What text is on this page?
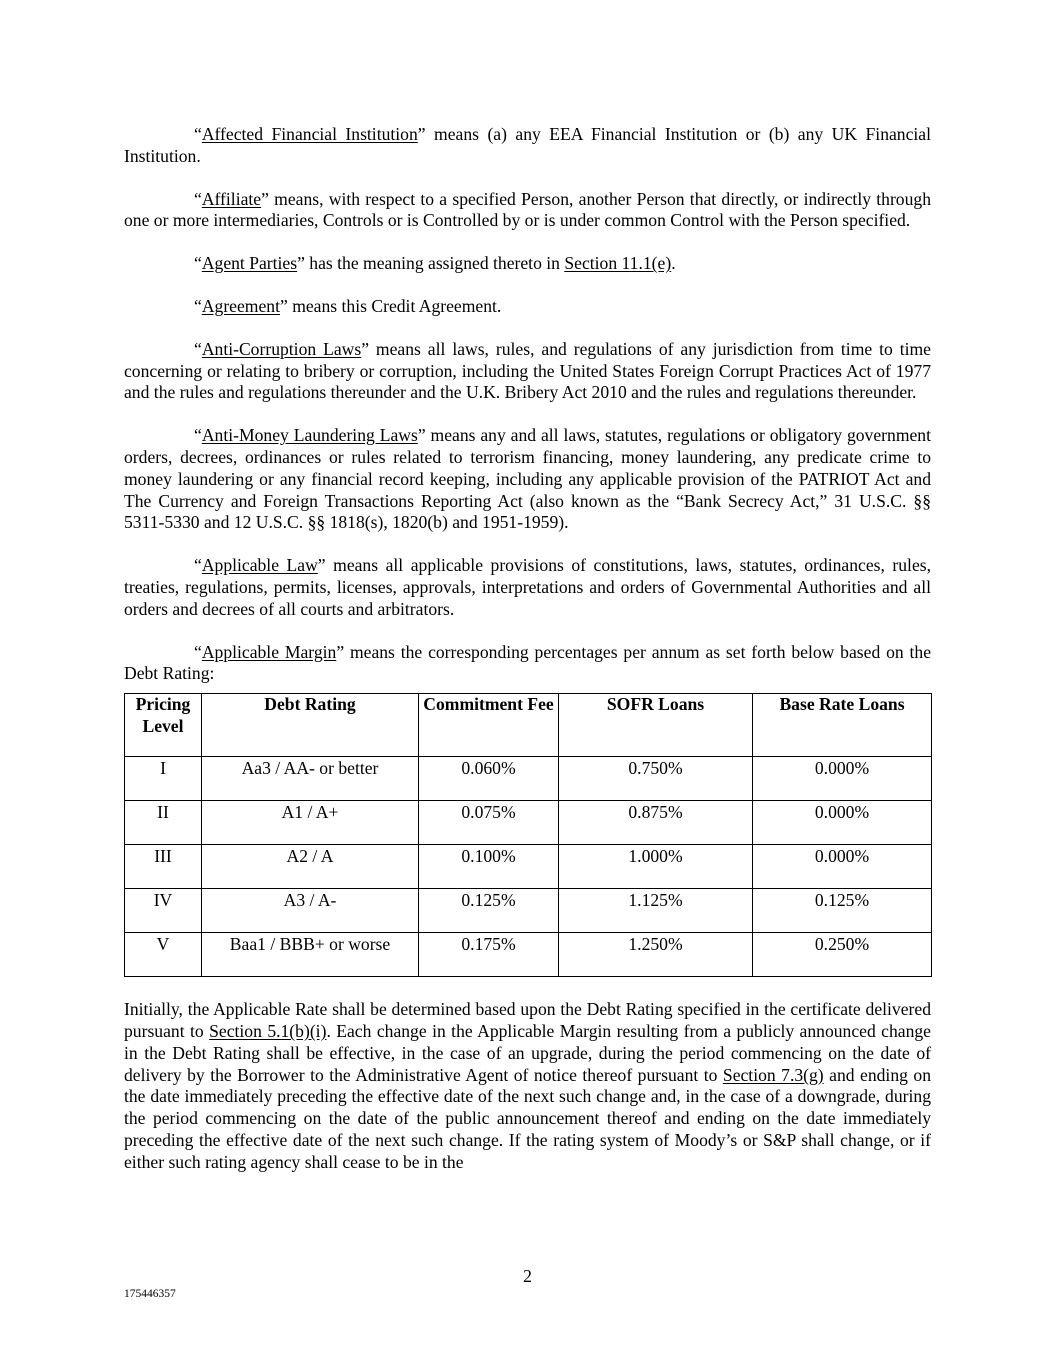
“Affected Financial Institution” means (a) any EEA Financial Institution or (b) any UK Financial Institution.

“Affiliate” means, with respect to a specified Person, another Person that directly, or indirectly through one or more intermediaries, Controls or is Controlled by or is under common Control with the Person specified.

“Agent Parties” has the meaning assigned thereto in Section 11.1(e).

“Agreement” means this Credit Agreement.

“Anti-Corruption Laws” means all laws, rules, and regulations of any jurisdiction from time to time concerning or relating to bribery or corruption, including the United States Foreign Corrupt Practices Act of 1977 and the rules and regulations thereunder and the U.K. Bribery Act 2010 and the rules and regulations thereunder.

“Anti-Money Laundering Laws” means any and all laws, statutes, regulations or obligatory government orders, decrees, ordinances or rules related to terrorism financing, money laundering, any predicate crime to money laundering or any financial record keeping, including any applicable provision of the PATRIOT Act and The Currency and Foreign Transactions Reporting Act (also known as the “Bank Secrecy Act,” 31 U.S.C. §§ 5311-5330 and 12 U.S.C. §§ 1818(s), 1820(b) and 1951-1959).

“Applicable Law” means all applicable provisions of constitutions, laws, statutes, ordinances, rules, treaties, regulations, permits, licenses, approvals, interpretations and orders of Governmental Authorities and all orders and decrees of all courts and arbitrators.

“Applicable Margin” means the corresponding percentages per annum as set forth below based on the Debt Rating:

Pricing Level	Debt Rating	Commitment Fee	SOFR Loans	Base Rate Loans
I	Aa3 / AA- or better	0.060%	0.750%	0.000%
II	A1 / A+	0.075%	0.875%	0.000%
III	A2 / A	0.100%	1.000%	0.000%
IV	A3 / A-	0.125%	1.125%	0.125%
V	Baa1 / BBB+ or worse	0.175%	1.250%	0.250%

Initially, the Applicable Rate shall be determined based upon the Debt Rating specified in the certificate delivered pursuant to Section 5.1(b)(i). Each change in the Applicable Margin resulting from a publicly announced change in the Debt Rating shall be effective, in the case of an upgrade, during the period commencing on the date of delivery by the Borrower to the Administrative Agent of notice thereof pursuant to Section 7.3(g) and ending on the date immediately preceding the effective date of the next such change and, in the case of a downgrade, during the period commencing on the date of the public announcement thereof and ending on the date immediately preceding the effective date of the next such change. If the rating system of Moody’s or S&P shall change, or if either such rating agency shall cease to be in the

2
175446357
